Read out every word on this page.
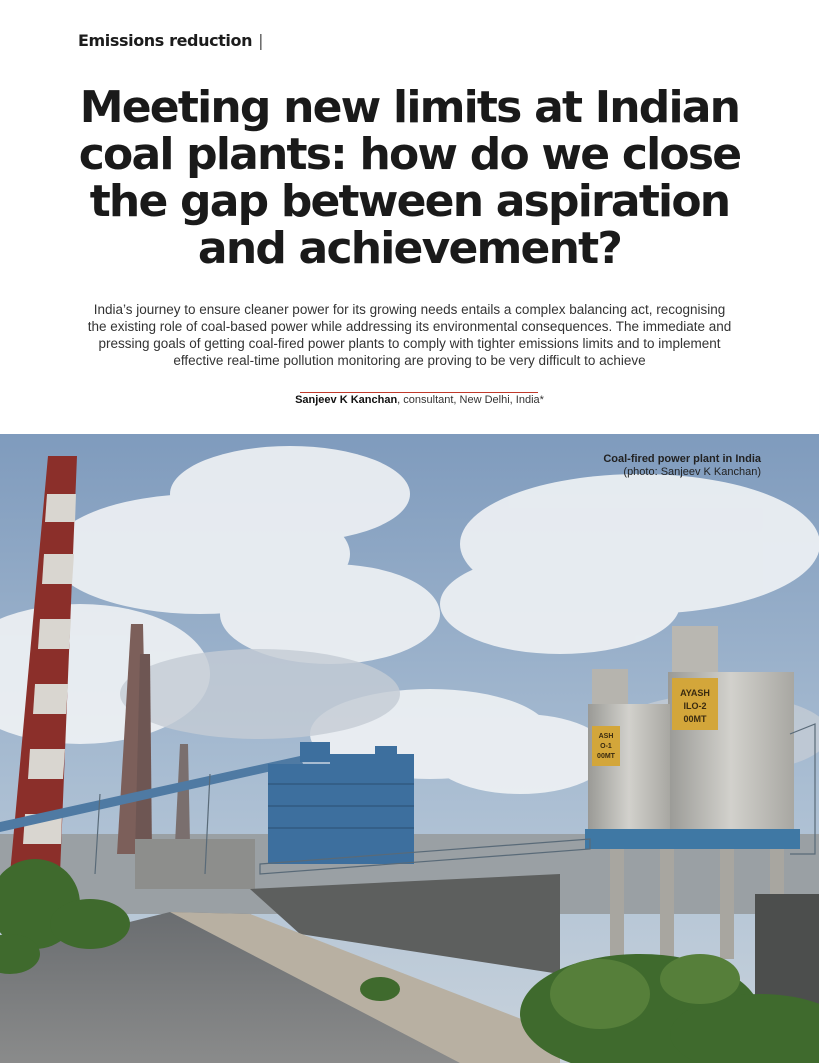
Emissions reduction |
Meeting new limits at Indian coal plants: how do we close the gap between aspiration and achievement?

India’s journey to ensure cleaner power for its growing needs entails a complex balancing act, recognising the existing role of coal-based power while addressing its environmental consequences. The immediate and pressing goals of getting coal-fired power plants to comply with tighter emissions limits and to implement effective real-time pollution monitoring are proving to be very difficult to achieve

Sanjeev K Kanchan, consultant, New Delhi, India*
AYASH
ILO-2
00MT
ASH
O-1
00MT
Coal-fired power plant in India
(photo: Sanjeev K Kanchan)
